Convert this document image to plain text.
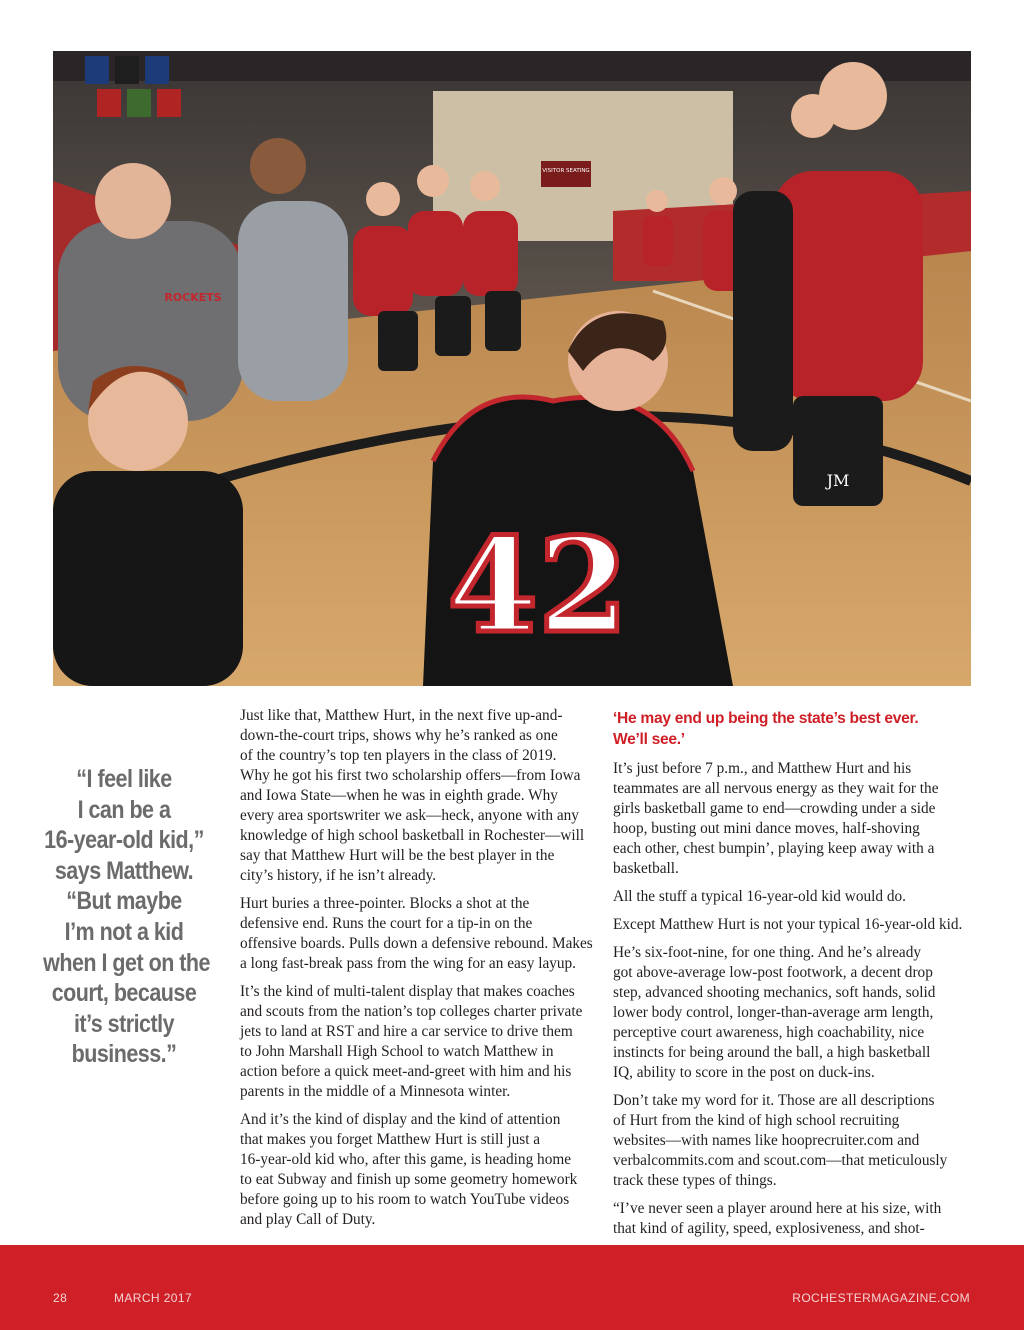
VISITOR SEATING
42
ROCKETS
JM
“I feel like
I can be a
16-year-old kid,”
says Matthew.
“But maybe
I’m not a kid
when I get on the
court, because
it’s strictly
business.”

Just like that, Matthew Hurt, in the next five up-and-
down-the-court trips, shows why he’s ranked as one
of the country’s top ten players in the class of 2019.
Why he got his first two scholarship offers—from Iowa
and Iowa State—when he was in eighth grade. Why
every area sportswriter we ask—heck, anyone with any
knowledge of high school basketball in Rochester—will
say that Matthew Hurt will be the best player in the
city’s history, if he isn’t already.

Hurt buries a three-pointer. Blocks a shot at the
defensive end. Runs the court for a tip-in on the
offensive boards. Pulls down a defensive rebound. Makes
a long fast-break pass from the wing for an easy layup.

It’s the kind of multi-talent display that makes coaches
and scouts from the nation’s top colleges charter private
jets to land at RST and hire a car service to drive them
to John Marshall High School to watch Matthew in
action before a quick meet-and-greet with him and his
parents in the middle of a Minnesota winter.

And it’s the kind of display and the kind of attention
that makes you forget Matthew Hurt is still just a
16-year-old kid who, after this game, is heading home
to eat Subway and finish up some geometry homework
before going up to his room to watch YouTube videos
and play Call of Duty.

‘He may end up being the state’s best ever.
We’ll see.’

It’s just before 7 p.m., and Matthew Hurt and his
teammates are all nervous energy as they wait for the
girls basketball game to end—crowding under a side
hoop, busting out mini dance moves, half-shoving
each other, chest bumpin’, playing keep away with a
basketball.

All the stuff a typical 16-year-old kid would do.

Except Matthew Hurt is not your typical 16-year-old kid.

He’s six-foot-nine, for one thing. And he’s already
got above-average low-post footwork, a decent drop
step, advanced shooting mechanics, soft hands, solid
lower body control, longer-than-average arm length,
perceptive court awareness, high coachability, nice
instincts for being around the ball, a high basketball
IQ, ability to score in the post on duck-ins.

Don’t take my word for it. Those are all descriptions
of Hurt from the kind of high school recruiting
websites—with names like hooprecruiter.com and
verbalcommits.com and scout.com—that meticulously
track these types of things.

“I’ve never seen a player around here at his size, with
that kind of agility, speed, explosiveness, and shot-

28	MARCH 2017	ROCHESTERMAGAZINE.COM
